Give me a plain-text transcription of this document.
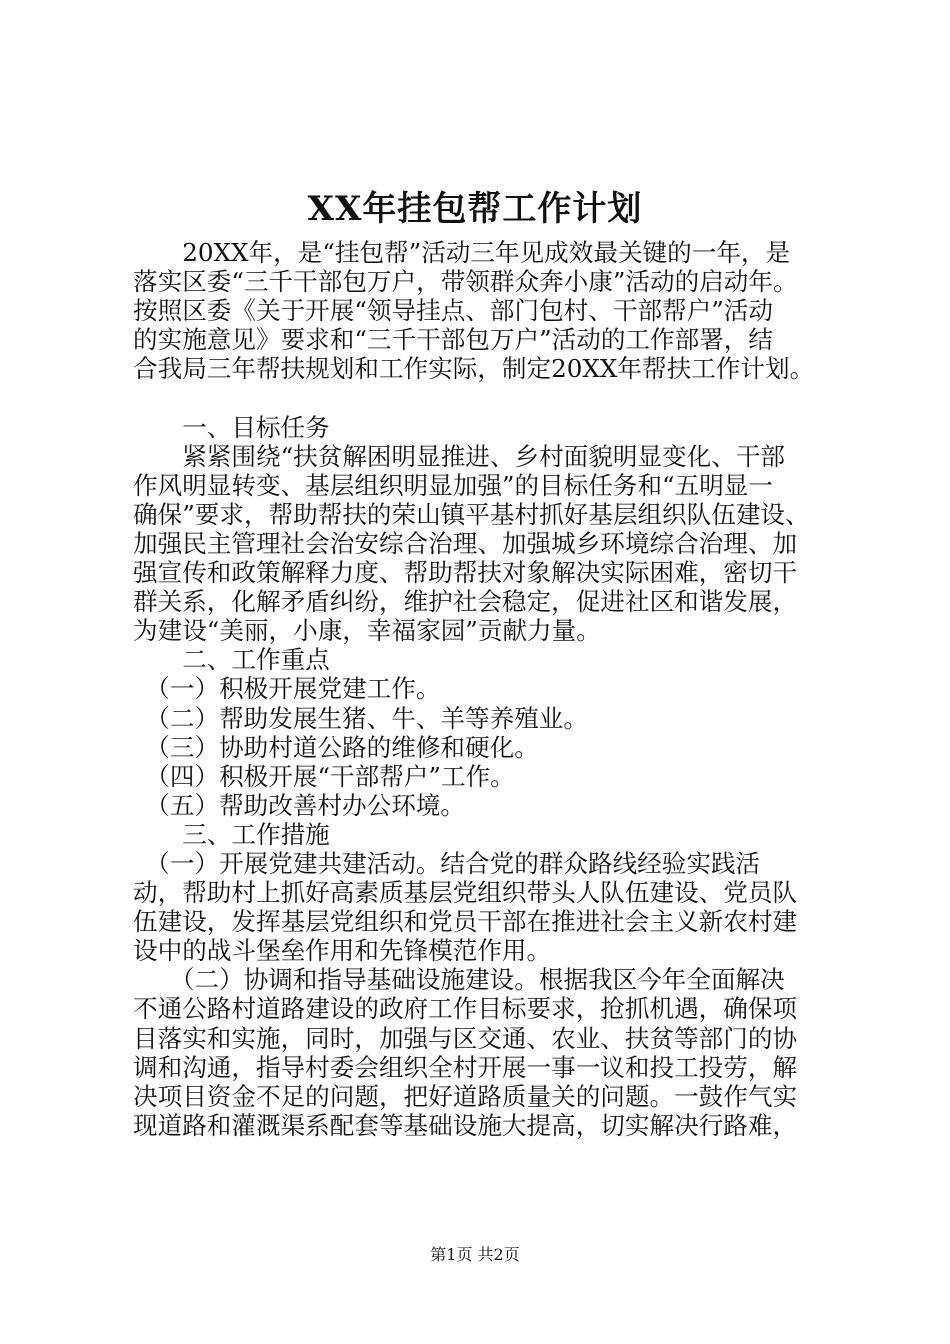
XX年挂包帮工作计划
　　20XX年，是“挂包帮”活动三年见成效最关键的一年，是
落实区委“三千干部包万户，带领群众奔小康”活动的启动年。
按照区委《关于开展“领导挂点、部门包村、干部帮户”活动
的实施意见》要求和“三千干部包万户”活动的工作部署，结
合我局三年帮扶规划和工作实际，制定20XX年帮扶工作计划。
　　一、目标任务
　　紧紧围绕“扶贫解困明显推进、乡村面貌明显变化、干部
作风明显转变、基层组织明显加强”的目标任务和“五明显一
确保”要求，帮助帮扶的荣山镇平基村抓好基层组织队伍建设、
加强民主管理社会治安综合治理、加强城乡环境综合治理、加
强宣传和政策解释力度、帮助帮扶对象解决实际困难，密切干
群关系，化解矛盾纠纷，维护社会稳定，促进社区和谐发展，
为建设“美丽，小康，幸福家园”贡献力量。
　　二、工作重点
　（一）积极开展党建工作。
　（二）帮助发展生猪、牛、羊等养殖业。
　（三）协助村道公路的维修和硬化。
　（四）积极开展“干部帮户”工作。
　（五）帮助改善村办公环境。
　　三、工作措施
　（一）开展党建共建活动。结合党的群众路线经验实践活
动，帮助村上抓好高素质基层党组织带头人队伍建设、党员队
伍建设，发挥基层党组织和党员干部在推进社会主义新农村建
设中的战斗堡垒作用和先锋模范作用。
　　（二）协调和指导基础设施建设。根据我区今年全面解决
不通公路村道路建设的政府工作目标要求，抢抓机遇，确保项
目落实和实施，同时，加强与区交通、农业、扶贫等部门的协
调和沟通，指导村委会组织全村开展一事一议和投工投劳，解
决项目资金不足的问题，把好道路质量关的问题。一鼓作气实
现道路和灌溉渠系配套等基础设施大提高，切实解决行路难，
第1页 共2页
